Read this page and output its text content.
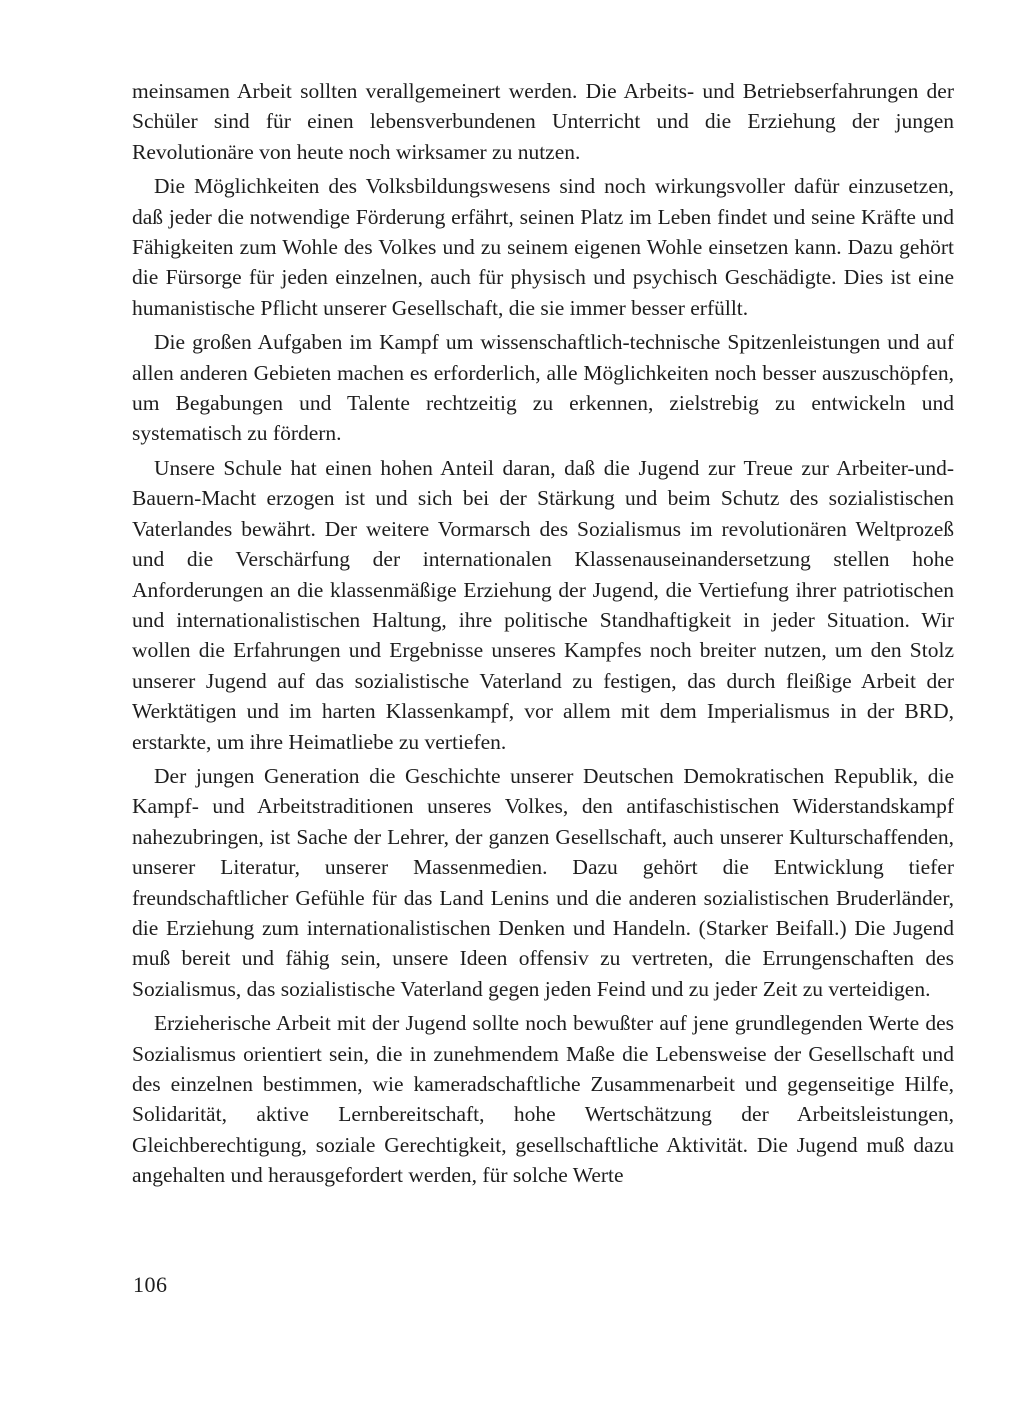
meinsamen Arbeit sollten verallgemeinert werden. Die Arbeits- und Betriebserfahrungen der Schüler sind für einen lebensverbundenen Unterricht und die Erziehung der jungen Revolutionäre von heute noch wirksamer zu nutzen.

Die Möglichkeiten des Volksbildungswesens sind noch wirkungsvoller dafür einzusetzen, daß jeder die notwendige Förderung erfährt, seinen Platz im Leben findet und seine Kräfte und Fähigkeiten zum Wohle des Volkes und zu seinem eigenen Wohle einsetzen kann. Dazu gehört die Fürsorge für jeden einzelnen, auch für physisch und psychisch Geschädigte. Dies ist eine humanistische Pflicht unserer Gesellschaft, die sie immer besser erfüllt.

Die großen Aufgaben im Kampf um wissenschaftlich-technische Spitzenleistungen und auf allen anderen Gebieten machen es erforderlich, alle Möglichkeiten noch besser auszuschöpfen, um Begabungen und Talente rechtzeitig zu erkennen, zielstrebig zu entwickeln und systematisch zu fördern.

Unsere Schule hat einen hohen Anteil daran, daß die Jugend zur Treue zur Arbeiter-und-Bauern-Macht erzogen ist und sich bei der Stärkung und beim Schutz des sozialistischen Vaterlandes bewährt. Der weitere Vormarsch des Sozialismus im revolutionären Weltprozeß und die Verschärfung der internationalen Klassenauseinandersetzung stellen hohe Anforderungen an die klassenmäßige Erziehung der Jugend, die Vertiefung ihrer patriotischen und internationalistischen Haltung, ihre politische Standhaftigkeit in jeder Situation. Wir wollen die Erfahrungen und Ergebnisse unseres Kampfes noch breiter nutzen, um den Stolz unserer Jugend auf das sozialistische Vaterland zu festigen, das durch fleißige Arbeit der Werktätigen und im harten Klassenkampf, vor allem mit dem Imperialismus in der BRD, erstarkte, um ihre Heimatliebe zu vertiefen.

Der jungen Generation die Geschichte unserer Deutschen Demokratischen Republik, die Kampf- und Arbeitstraditionen unseres Volkes, den antifaschistischen Widerstandskampf nahezubringen, ist Sache der Lehrer, der ganzen Gesellschaft, auch unserer Kulturschaffenden, unserer Literatur, unserer Massenmedien. Dazu gehört die Entwicklung tiefer freundschaftlicher Gefühle für das Land Lenins und die anderen sozialistischen Bruderländer, die Erziehung zum internationalistischen Denken und Handeln. (Starker Beifall.) Die Jugend muß bereit und fähig sein, unsere Ideen offensiv zu vertreten, die Errungenschaften des Sozialismus, das sozialistische Vaterland gegen jeden Feind und zu jeder Zeit zu verteidigen.

Erzieherische Arbeit mit der Jugend sollte noch bewußter auf jene grundlegenden Werte des Sozialismus orientiert sein, die in zunehmendem Maße die Lebensweise der Gesellschaft und des einzelnen bestimmen, wie kameradschaftliche Zusammenarbeit und gegenseitige Hilfe, Solidarität, aktive Lernbereitschaft, hohe Wertschätzung der Arbeitsleistungen, Gleichberechtigung, soziale Gerechtigkeit, gesellschaftliche Aktivität. Die Jugend muß dazu angehalten und herausgefordert werden, für solche Werte

106
